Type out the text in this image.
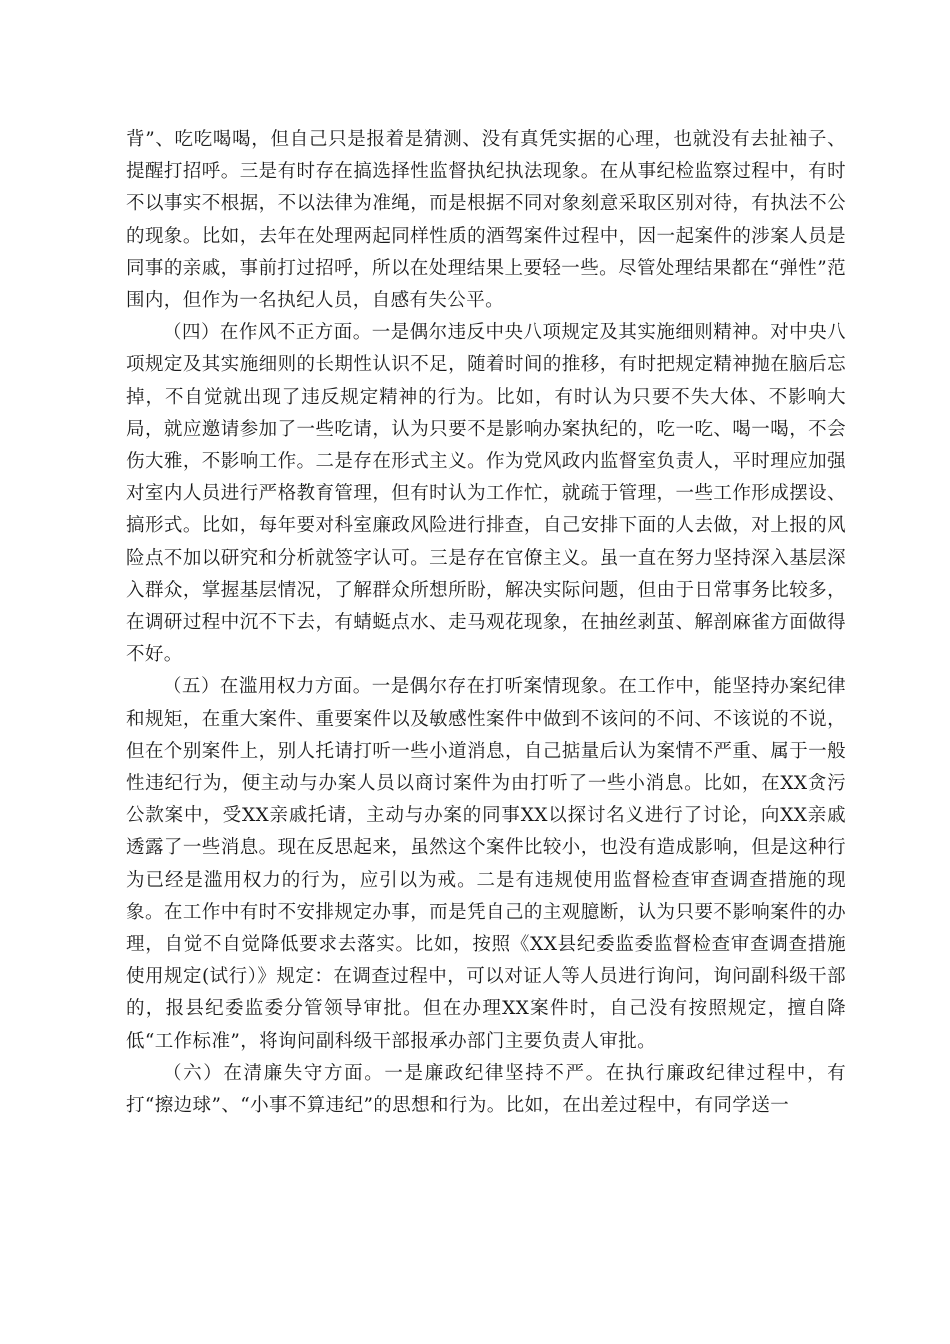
背”、吃吃喝喝，但自己只是报着是猜测、没有真凭实据的心理，也就没有去扯袖子、提醒打招呼。三是有时存在搞选择性监督执纪执法现象。在从事纪检监察过程中，有时不以事实不根据，不以法律为准绳，而是根据不同对象刻意采取区别对待，有执法不公的现象。比如，去年在处理两起同样性质的酒驾案件过程中，因一起案件的涉案人员是同事的亲戚，事前打过招呼，所以在处理结果上要轻一些。尽管处理结果都在“弹性”范围内，但作为一名执纪人员，自感有失公平。

（四）在作风不正方面。一是偶尔违反中央八项规定及其实施细则精神。对中央八项规定及其实施细则的长期性认识不足，随着时间的推移，有时把规定精神抛在脑后忘掉，不自觉就出现了违反规定精神的行为。比如，有时认为只要不失大体、不影响大局，就应邀请参加了一些吃请，认为只要不是影响办案执纪的，吃一吃、喝一喝，不会伤大雅，不影响工作。二是存在形式主义。作为党风政内监督室负责人，平时理应加强对室内人员进行严格教育管理，但有时认为工作忙，就疏于管理，一些工作形成摆设、搞形式。比如，每年要对科室廉政风险进行排查，自己安排下面的人去做，对上报的风险点不加以研究和分析就签字认可。三是存在官僚主义。虽一直在努力坚持深入基层深入群众，掌握基层情况，了解群众所想所盼，解决实际问题，但由于日常事务比较多，在调研过程中沉不下去，有蜻蜓点水、走马观花现象，在抽丝剥茧、解剖麻雀方面做得不好。

（五）在滥用权力方面。一是偶尔存在打听案情现象。在工作中，能坚持办案纪律和规矩，在重大案件、重要案件以及敏感性案件中做到不该问的不问、不该说的不说，但在个别案件上，别人托请打听一些小道消息，自己掂量后认为案情不严重、属于一般性违纪行为，便主动与办案人员以商讨案件为由打听了一些小消息。比如，在XX贪污公款案中，受XX亲戚托请，主动与办案的同事XX以探讨名义进行了讨论，向XX亲戚透露了一些消息。现在反思起来，虽然这个案件比较小，也没有造成影响，但是这种行为已经是滥用权力的行为，应引以为戒。二是有违规使用监督检查审查调查措施的现象。在工作中有时不安排规定办事，而是凭自己的主观臆断，认为只要不影响案件的办理，自觉不自觉降低要求去落实。比如，按照《XX县纪委监委监督检查审查调查措施使用规定(试行）》规定：在调查过程中，可以对证人等人员进行询问，询问副科级干部的，报县纪委监委分管领导审批。但在办理XX案件时，自己没有按照规定，擅自降低“工作标准”，将询问副科级干部报承办部门主要负责人审批。

（六）在清廉失守方面。一是廉政纪律坚持不严。在执行廉政纪律过程中，有打“擦边球”、“小事不算违纪”的思想和行为。比如，在出差过程中，有同学送一
